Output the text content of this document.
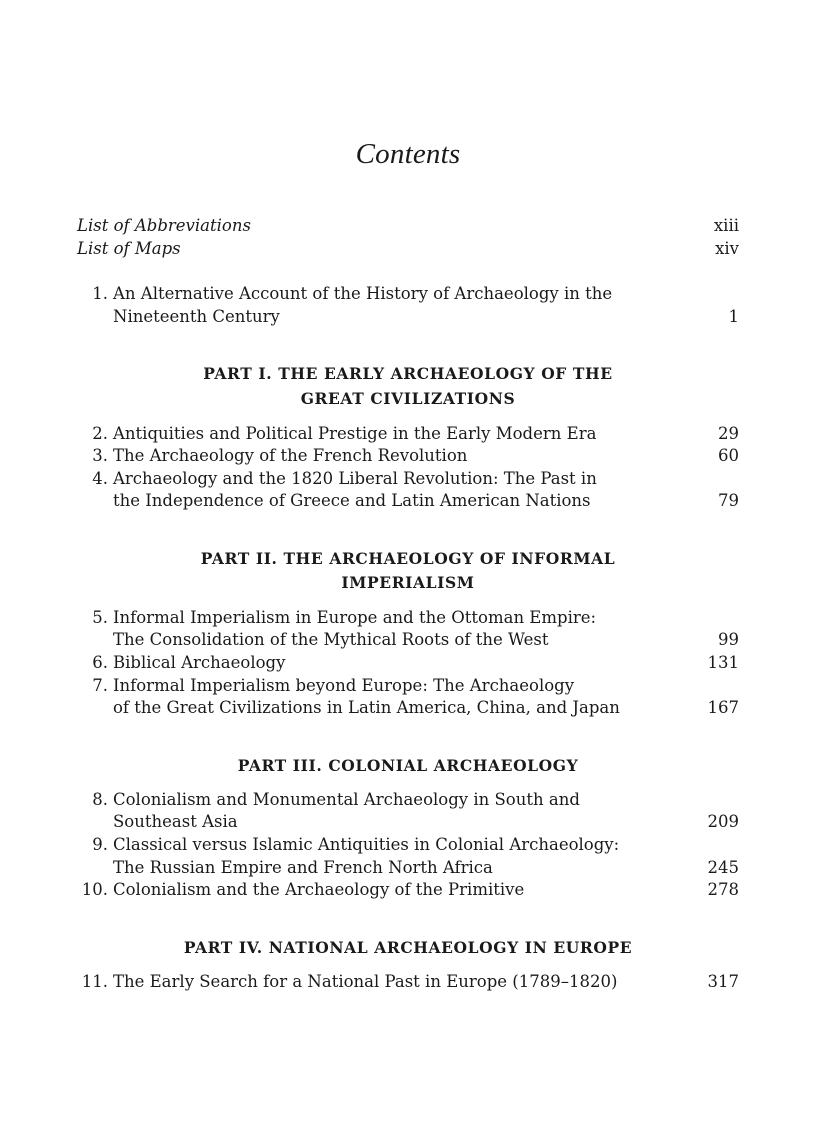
Contents
List of Abbreviations	xiii
List of Maps	xiv
1. An Alternative Account of the History of Archaeology in the
Nineteenth Century	1
PART I. THE EARLY ARCHAEOLOGY OF THE
GREAT CIVILIZATIONS
2. Antiquities and Political Prestige in the Early Modern Era	29
3. The Archaeology of the French Revolution	60
4. Archaeology and the 1820 Liberal Revolution: The Past in
the Independence of Greece and Latin American Nations	79
PART II. THE ARCHAEOLOGY OF INFORMAL
IMPERIALISM
5. Informal Imperialism in Europe and the Ottoman Empire:
The Consolidation of the Mythical Roots of the West	99
6. Biblical Archaeology	131
7. Informal Imperialism beyond Europe: The Archaeology
of the Great Civilizations in Latin America, China, and Japan	167
PART III. COLONIAL ARCHAEOLOGY
8. Colonialism and Monumental Archaeology in South and
Southeast Asia	209
9. Classical versus Islamic Antiquities in Colonial Archaeology:
The Russian Empire and French North Africa	245
10. Colonialism and the Archaeology of the Primitive	278
PART IV. NATIONAL ARCHAEOLOGY IN EUROPE
11. The Early Search for a National Past in Europe (1789–1820)	317
